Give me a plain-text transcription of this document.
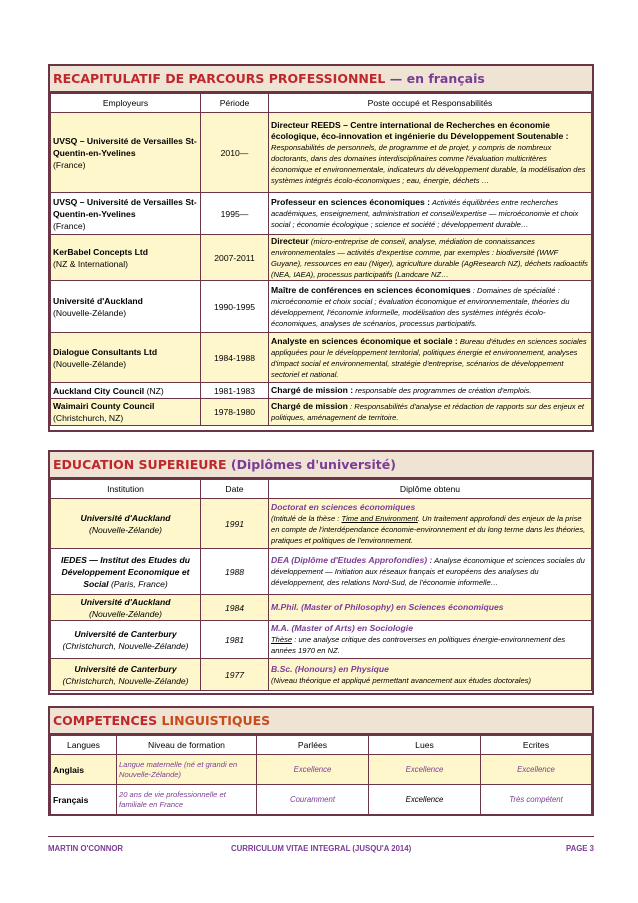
RECAPITULATIF DE PARCOURS PROFESSIONNEL — en français
Employeurs	Période	Poste occupé et Responsabilités
UVSQ – Université de Versailles St-Quentin-en-Yvelines
(France)	2010—	Directeur REEDS – Centre international de Recherches en économie écologique, éco-innovation et ingénierie du Développement Soutenable : Responsabilités de personnels, de programme et de projet, y compris de nombreux doctorants, dans des domaines interdisciplinaires comme l'évaluation multicritères économique et environnementale, indicateurs du développement durable, la modélisation des systèmes intégrés écolo-économiques ; eau, énergie, déchets …
UVSQ – Université de Versailles St-Quentin-en-Yvelines
(France)	1995—	Professeur en sciences économiques : Activités équilibrées entre recherches académiques, enseignement, administration et conseil/expertise — microéconomie et choix social ; économie écologique ; science et société ; développement durable…
KerBabel Concepts Ltd
(NZ & International)	2007-2011	Directeur (micro-entreprise de conseil, analyse, médiation de connaissances environnementales — activités d'expertise comme, par exemples : biodiversité (WWF Guyane), ressources en eau (Niger), agriculture durable (AgResearch NZ), déchets radioactifs (NEA, IAEA), processus participatifs (Landcare NZ…
Université d'Auckland
(Nouvelle-Zélande)	1990-1995	Maître de conférences en sciences économiques : Domaines de spécialité : microéconomie et choix social ; évaluation économique et environnementale, théories du développement, l'économie informelle, modélisation des systèmes intégrés écolo-économiques, analyses de scénarios, processus participatifs.
Dialogue Consultants Ltd
(Nouvelle-Zélande)	1984-1988	Analyste en sciences économique et sociale : Bureau d'études en sciences sociales appliquées pour le développement territorial, politiques énergie et environnement, analyses d'impact social et environnemental, stratégie d'entreprise, scénarios de développement sectoriel et national.
Auckland City Council (NZ)	1981-1983	Chargé de mission : responsable des programmes de création d'emplois.
Waimairi County Council
(Christchurch, NZ)	1978-1980	Chargé de mission : Responsabilités d'analyse et rédaction de rapports sur des enjeux et politiques, aménagement de territoire.
EDUCATION SUPERIEURE (Diplômes d'université)
Institution	Date	Diplôme obtenu
Université d'Auckland
(Nouvelle-Zélande)	1991	Doctorat en sciences économiques
(Intitulé de la thèse : Time and Environment. Un traitement approfondi des enjeux de la prise en compte de l'interdépendance économie-environnement et du long terme dans les théories, pratiques et politiques de l'environnement.
IEDES — Institut des Etudes du Développement Economique et Social (Paris, France)	1988	DEA (Diplôme d'Etudes Approfondies) : Analyse économique et sciences sociales du développement — Initiation aux réseaux français et européens des analyses du développement, des relations Nord-Sud, de l'économie informelle…
Université d'Auckland
(Nouvelle-Zélande)	1984	M.Phil. (Master of Philosophy) en Sciences économiques
Université de Canterbury
(Christchurch, Nouvelle-Zélande)	1981	M.A. (Master of Arts) en Sociologie
Thèse : une analyse critique des controverses en politiques énergie-environnement des années 1970 en NZ.
Université de Canterbury
(Christchurch, Nouvelle-Zélande)	1977	B.Sc. (Honours) en Physique
(Niveau théorique et appliqué permettant avancement aux études doctorales)
COMPETENCES LINGUISTIQUES
Langues	Niveau de formation	Parlées	Lues	Ecrites
Anglais	Langue maternelle (né et grandi en Nouvelle-Zélande)	Excellence	Excellence	Excellence
Français	20 ans de vie professionnelle et familiale en France	Couramment	Excellence	Très compétent
MARTIN O'CONNOR	CURRICULUM VITAE INTEGRAL (JUSQU'A 2014)	PAGE 3
